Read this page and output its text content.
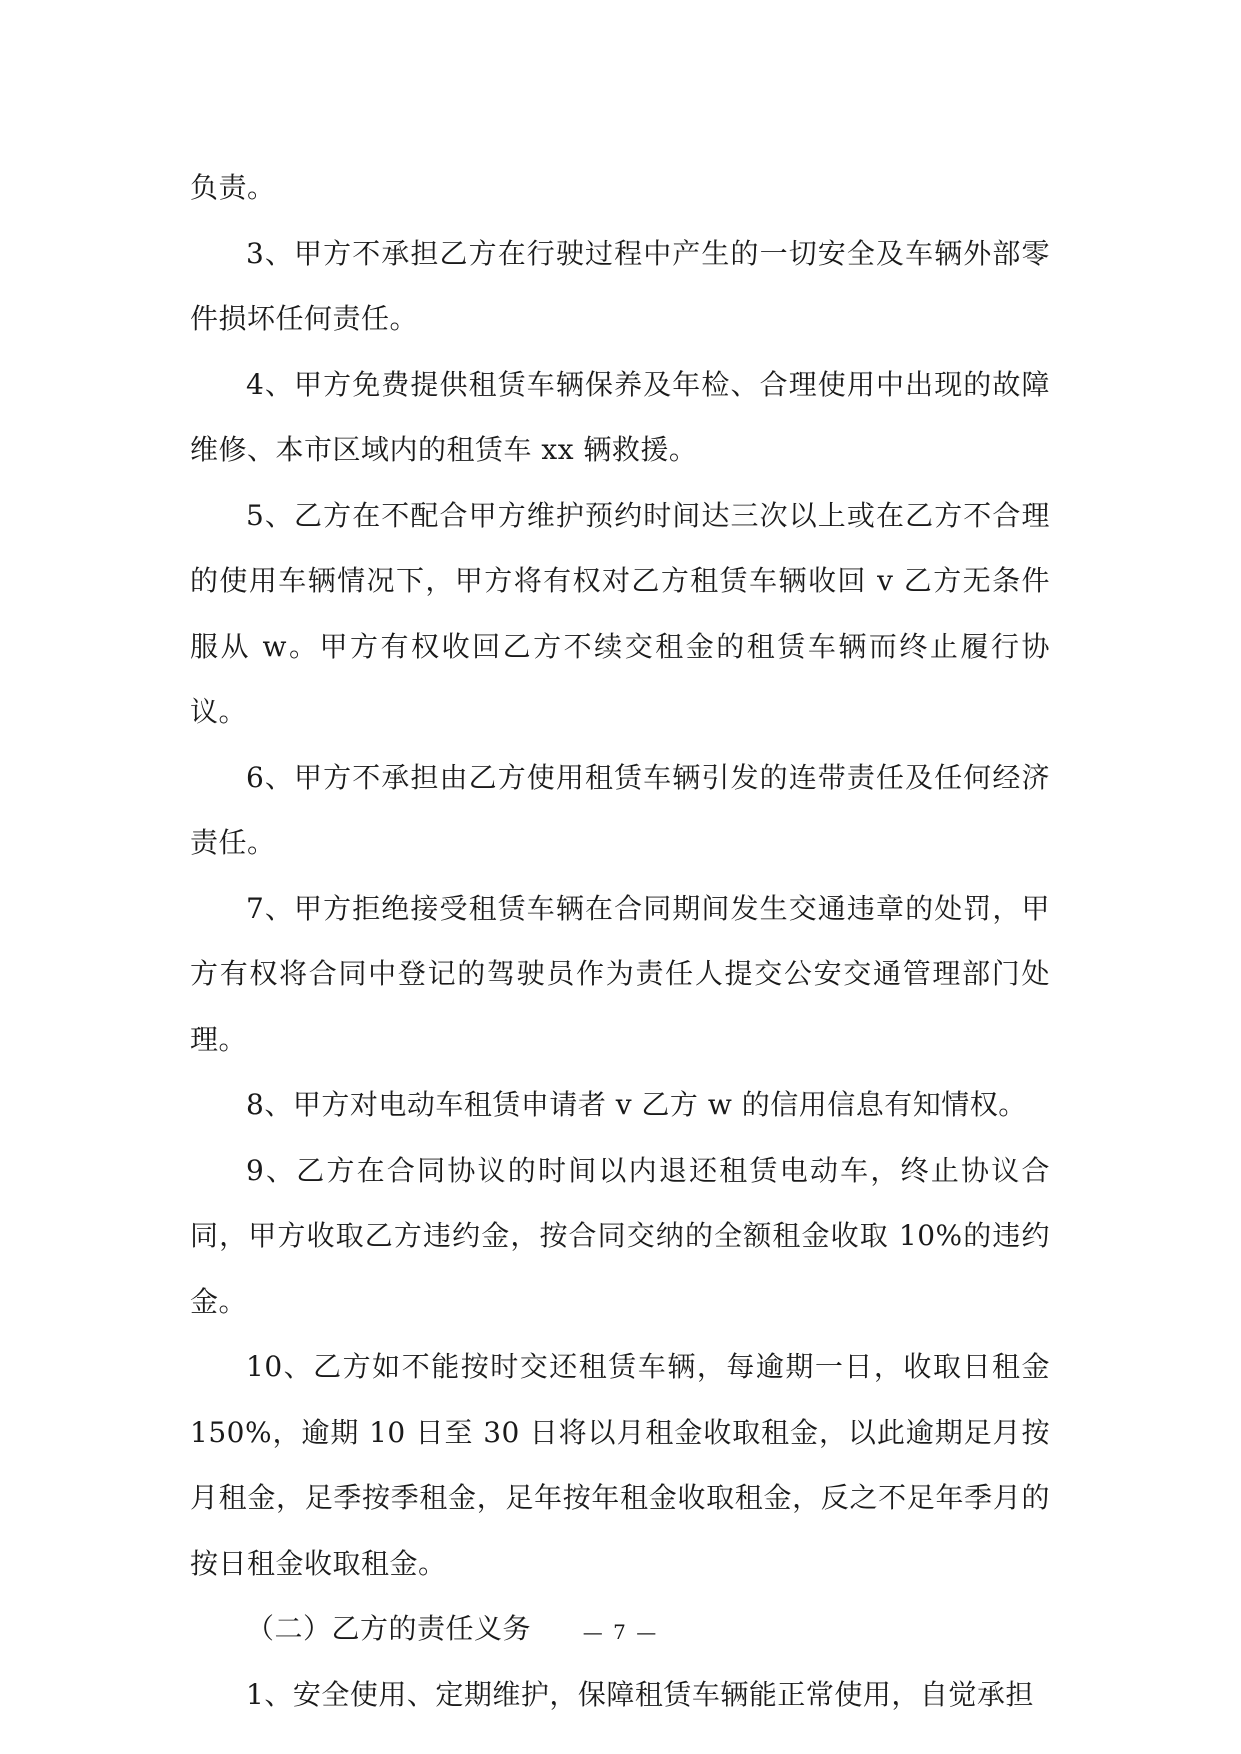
负责。

3、甲方不承担乙方在行驶过程中产生的一切安全及车辆外部零件损坏任何责任。

4、甲方免费提供租赁车辆保养及年检、合理使用中出现的故障维修、本市区域内的租赁车 xx 辆救援。

5、乙方在不配合甲方维护预约时间达三次以上或在乙方不合理的使用车辆情况下，甲方将有权对乙方租赁车辆收回 v 乙方无条件服从 w。甲方有权收回乙方不续交租金的租赁车辆而终止履行协议。

6、甲方不承担由乙方使用租赁车辆引发的连带责任及任何经济责任。

7、甲方拒绝接受租赁车辆在合同期间发生交通违章的处罚，甲方有权将合同中登记的驾驶员作为责任人提交公安交通管理部门处理。

8、甲方对电动车租赁申请者 v 乙方 w 的信用信息有知情权。

9、乙方在合同协议的时间以内退还租赁电动车，终止协议合同，甲方收取乙方违约金，按合同交纳的全额租金收取 10%的违约金。

10、乙方如不能按时交还租赁车辆，每逾期一日，收取日租金 150%，逾期 10 日至 30 日将以月租金收取租金，以此逾期足月按月租金，足季按季租金，足年按年租金收取租金，反之不足年季月的按日租金收取租金。

（二）乙方的责任义务

1、安全使用、定期维护，保障租赁车辆能正常使用，自觉承担

— 7 —
